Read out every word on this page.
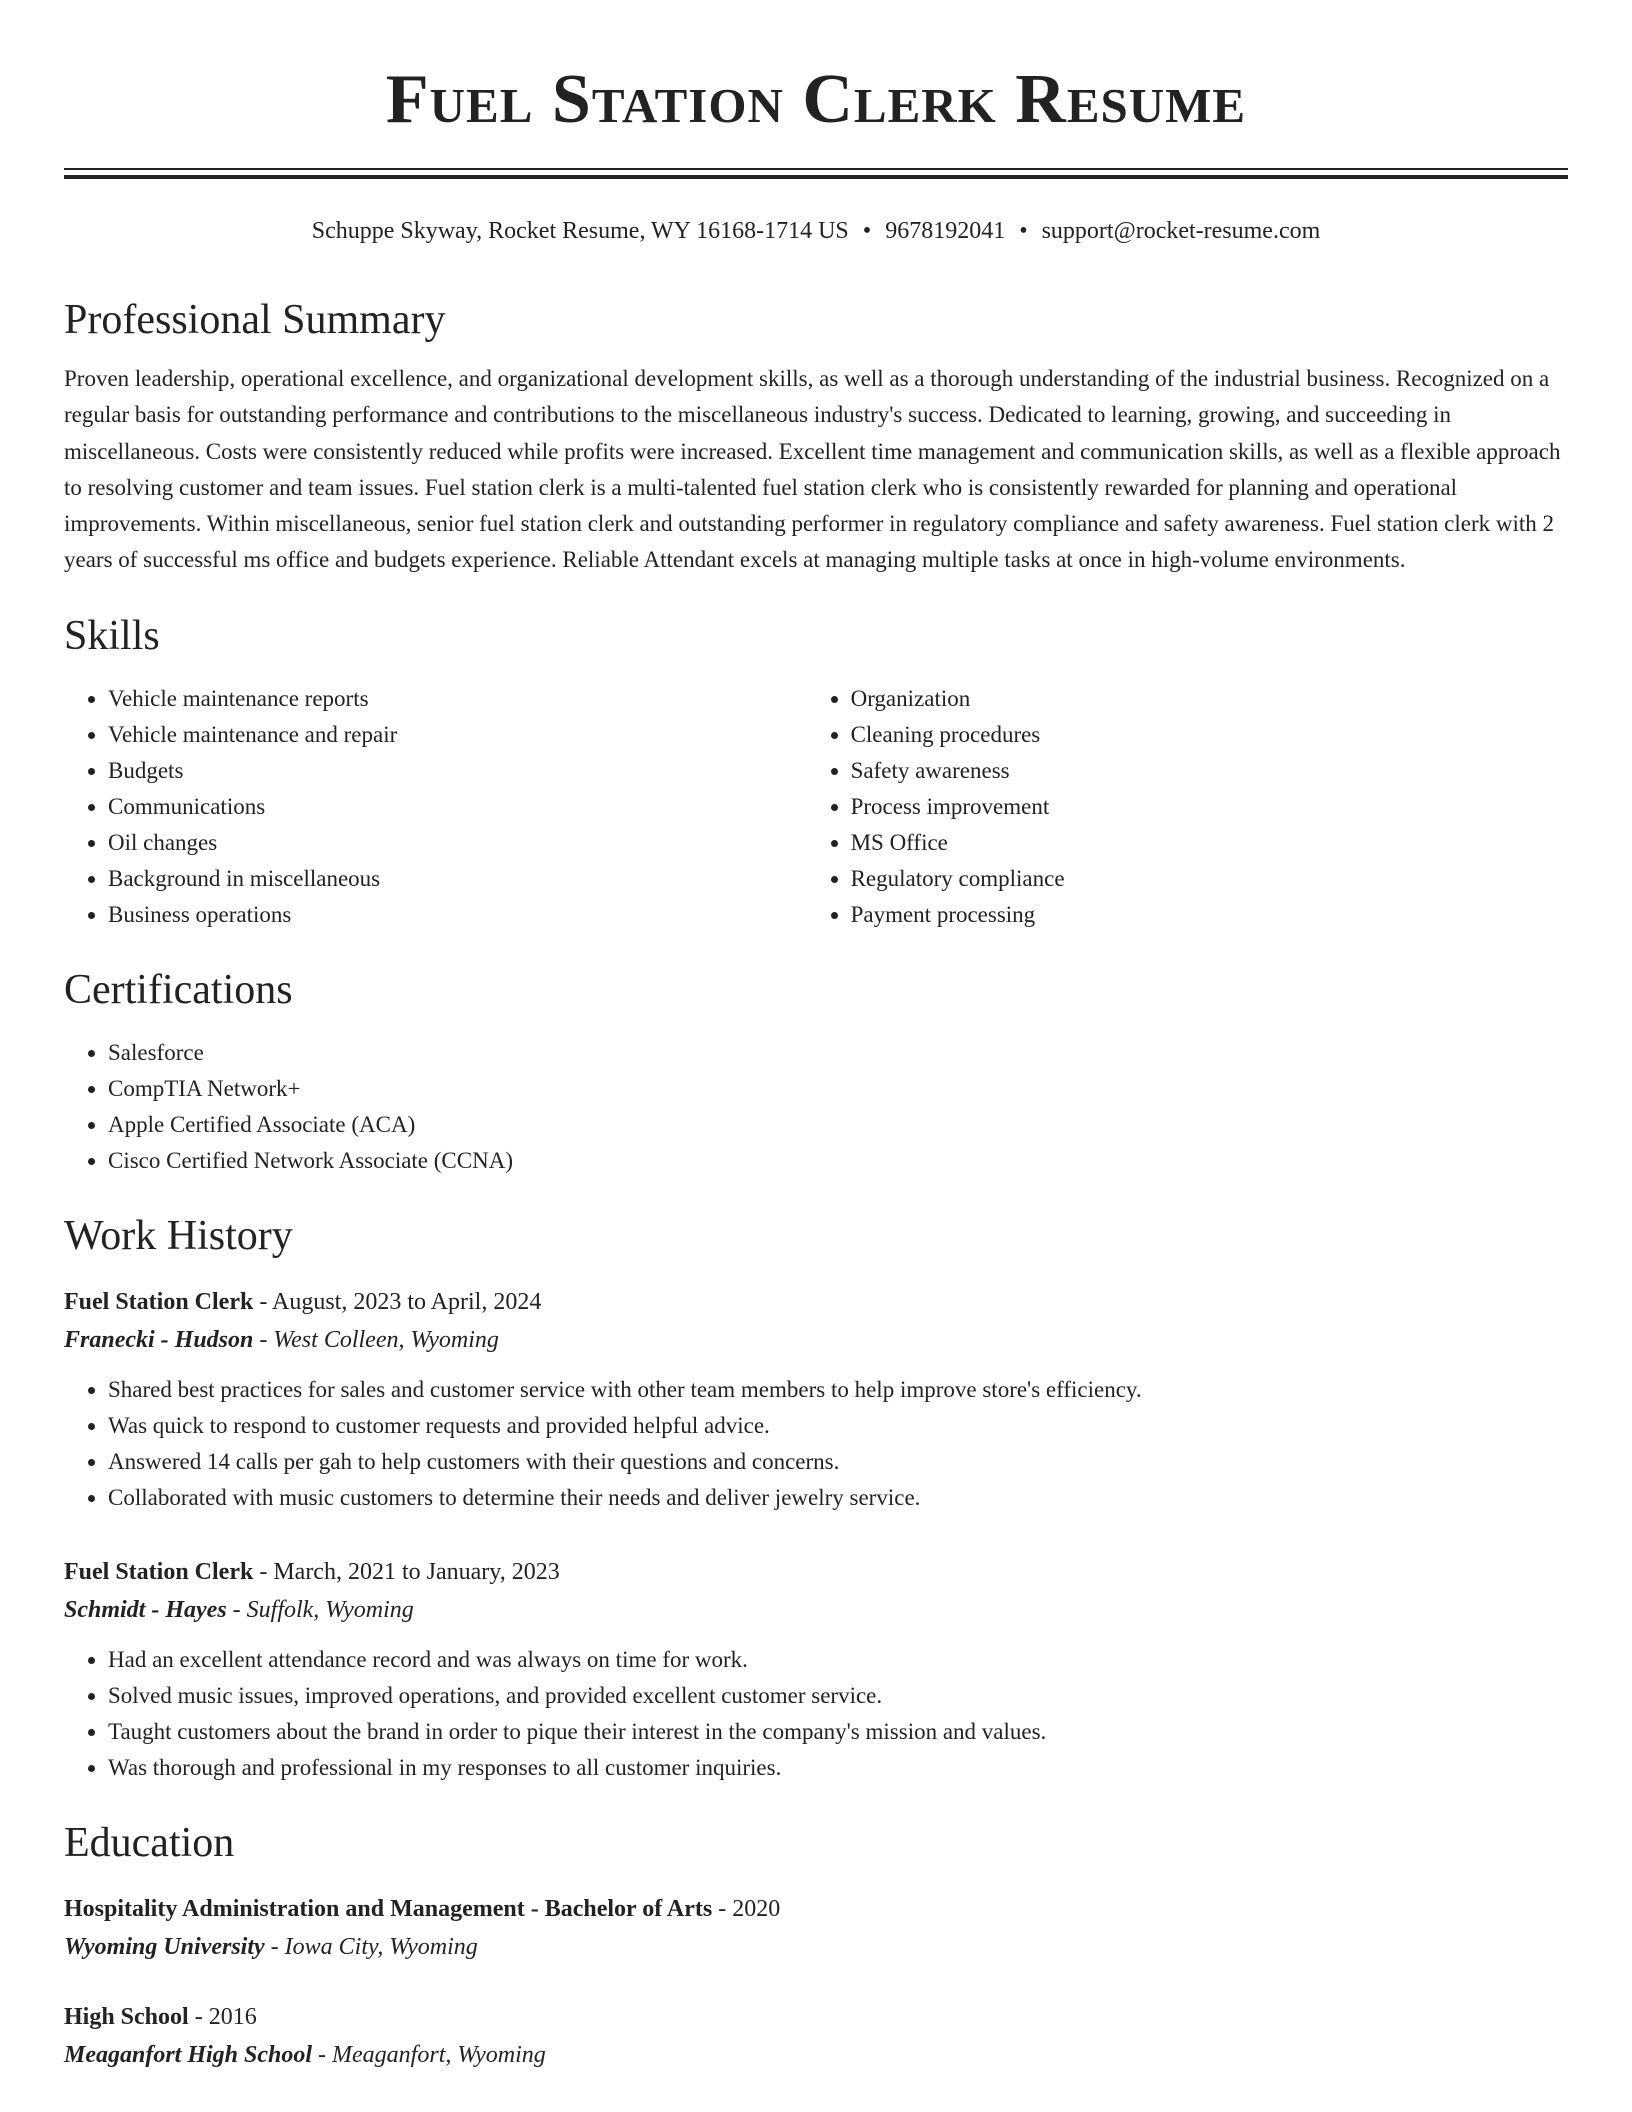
Fuel Station Clerk Resume
Schuppe Skyway, Rocket Resume, WY 16168-1714 US • 9678192041 • support@rocket-resume.com
Professional Summary

Proven leadership, operational excellence, and organizational development skills, as well as a thorough understanding of the industrial business. Recognized on a regular basis for outstanding performance and contributions to the miscellaneous industry's success. Dedicated to learning, growing, and succeeding in miscellaneous. Costs were consistently reduced while profits were increased. Excellent time management and communication skills, as well as a flexible approach to resolving customer and team issues. Fuel station clerk is a multi-talented fuel station clerk who is consistently rewarded for planning and operational improvements. Within miscellaneous, senior fuel station clerk and outstanding performer in regulatory compliance and safety awareness. Fuel station clerk with 2 years of successful ms office and budgets experience. Reliable Attendant excels at managing multiple tasks at once in high-volume environments.

Skills
• Vehicle maintenance reports
• Vehicle maintenance and repair
• Budgets
• Communications
• Oil changes
• Background in miscellaneous
• Business operations
• Organization
• Cleaning procedures
• Safety awareness
• Process improvement
• MS Office
• Regulatory compliance
• Payment processing
Certifications
• Salesforce
• CompTIA Network+
• Apple Certified Associate (ACA)
• Cisco Certified Network Associate (CCNA)
Work History
Fuel Station Clerk - August, 2023 to April, 2024
Franecki - Hudson - West Colleen, Wyoming
• Shared best practices for sales and customer service with other team members to help improve store's efficiency.
• Was quick to respond to customer requests and provided helpful advice.
• Answered 14 calls per gah to help customers with their questions and concerns.
• Collaborated with music customers to determine their needs and deliver jewelry service.
Fuel Station Clerk - March, 2021 to January, 2023
Schmidt - Hayes - Suffolk, Wyoming
• Had an excellent attendance record and was always on time for work.
• Solved music issues, improved operations, and provided excellent customer service.
• Taught customers about the brand in order to pique their interest in the company's mission and values.
• Was thorough and professional in my responses to all customer inquiries.
Education
Hospitality Administration and Management - Bachelor of Arts - 2020
Wyoming University - Iowa City, Wyoming
High School - 2016
Meaganfort High School - Meaganfort, Wyoming
